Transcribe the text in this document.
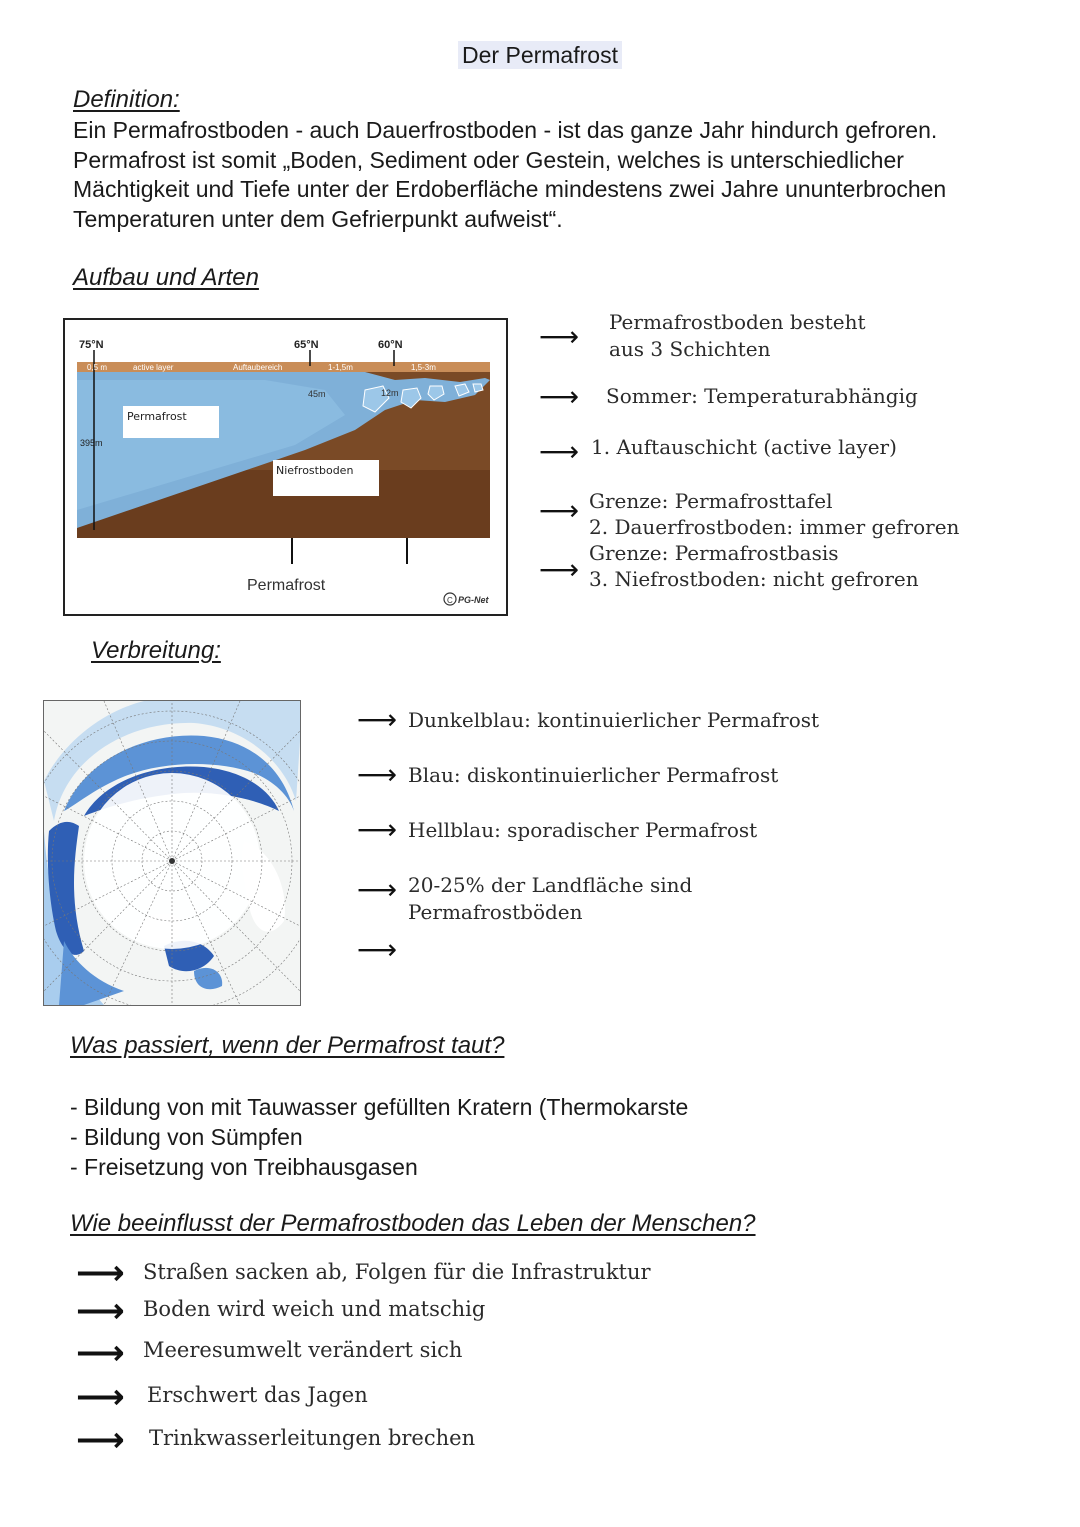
Der Permafrost
Definition:
Ein Permafrostboden - auch Dauerfrostboden - ist das ganze Jahr hindurch gefroren.
Permafrost ist somit „Boden, Sediment oder Gestein, welches is unterschiedlicher
Mächtigkeit und Tiefe unter der Erdoberfläche mindestens zwei Jahre ununterbrochen
Temperaturen unter dem Gefrierpunkt aufweist“.
Aufbau und Arten
75°N	65°N	60°N
0,5 m	active layer	Auftaubereich	1-1,5m	1,5-3m
45m	12m
395m
Permafrost
Niefrostboden
Permafrost
C PG-Net
⟶ Permafrostboden besteht
aus 3 Schichten
⟶ Sommer: Temperaturabhängig
⟶ 1. Auftauschicht (active layer)
⟶
⟶
Grenze: Permafrosttafel
2. Dauerfrostboden: immer gefroren
Grenze: Permafrostbasis
3. Niefrostboden: nicht gefroren
Verbreitung:
⟶ Dunkelblau: kontinuierlicher Permafrost
⟶ Blau: diskontinuierlicher Permafrost
⟶ Hellblau: sporadischer Permafrost
⟶ 20-25% der Landfläche sind
Permafrostböden
⟶
Was passiert, wenn der Permafrost taut?
- Bildung von mit Tauwasser gefüllten Kratern (Thermokarste
- Bildung von Sümpfen
- Freisetzung von Treibhausgasen
Wie beeinflusst der Permafrostboden das Leben der Menschen?
⟶ Straßen sacken ab, Folgen für die Infrastruktur
⟶ Boden wird weich und matschig
⟶ Meeresumwelt verändert sich
⟶ Erschwert das Jagen
⟶ Trinkwasserleitungen brechen
